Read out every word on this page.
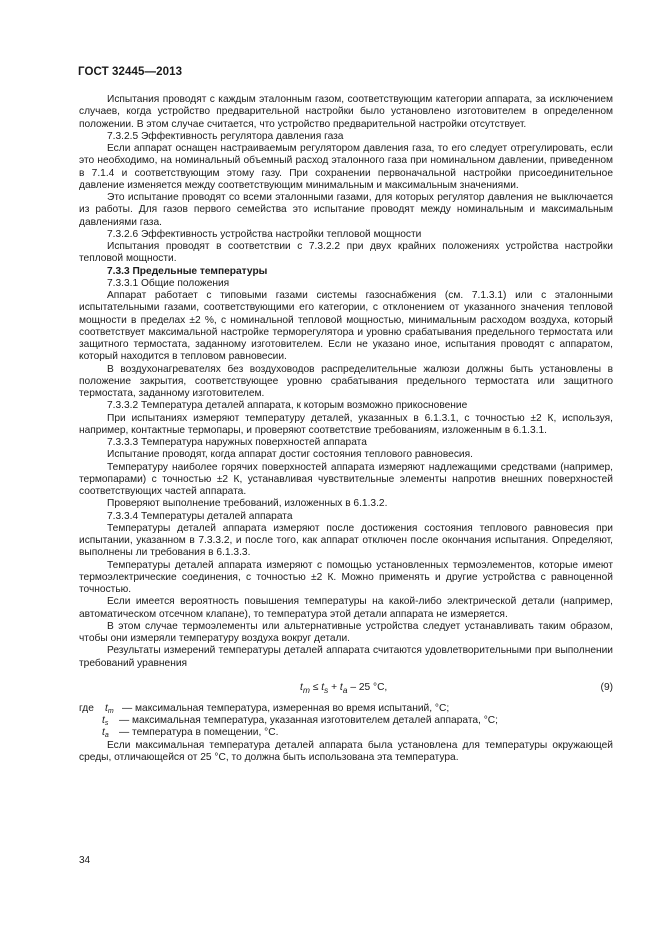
ГОСТ 32445—2013

Испытания проводят с каждым эталонным газом, соответствующим категории аппарата, за исключением случаев, когда устройство предварительной настройки было установлено изготовителем в определенном положении. В этом случае считается, что устройство предварительной настройки отсутствует.

7.3.2.5 Эффективность регулятора давления газа

Если аппарат оснащен настраиваемым регулятором давления газа, то его следует отрегулировать, если это необходимо, на номинальный объемный расход эталонного газа при номинальном давлении, приведенном в 7.1.4 и соответствующим этому газу. При сохранении первоначальной настройки присоединительное давление изменяется между соответствующим минимальным и максимальным значениями.

Это испытание проводят со всеми эталонными газами, для которых регулятор давления не выключается из работы. Для газов первого семейства это испытание проводят между номинальным и максимальным давлениями газа.

7.3.2.6 Эффективность устройства настройки тепловой мощности

Испытания проводят в соответствии с 7.3.2.2 при двух крайних положениях устройства настройки тепловой мощности.

7.3.3 Предельные температуры

7.3.3.1 Общие положения

Аппарат работает с типовыми газами системы газоснабжения (см. 7.1.3.1) или с эталонными испытательными газами, соответствующими его категории, с отклонением от указанного значения тепловой мощности в пределах ±2 %, с номинальной тепловой мощностью, минимальным расходом воздуха, который соответствует максимальной настройке терморегулятора и уровню срабатывания предельного термостата или защитного термостата, заданному изготовителем. Если не указано иное, испытания проводят с аппаратом, который находится в тепловом равновесии.

В воздухонагревателях без воздуховодов распределительные жалюзи должны быть установлены в положение закрытия, соответствующее уровню срабатывания предельного термостата или защитного термостата, заданному изготовителем.

7.3.3.2 Температура деталей аппарата, к которым возможно прикосновение

При испытаниях измеряют температуру деталей, указанных в 6.1.3.1, с точностью ±2 К, используя, например, контактные термопары, и проверяют соответствие требованиям, изложенным в 6.1.3.1.

7.3.3.3 Температура наружных поверхностей аппарата

Испытание проводят, когда аппарат достиг состояния теплового равновесия.

Температуру наиболее горячих поверхностей аппарата измеряют надлежащими средствами (например, термопарами) с точностью ±2 К, устанавливая чувствительные элементы напротив внешних поверхностей соответствующих частей аппарата.

Проверяют выполнение требований, изложенных в 6.1.3.2.

7.3.3.4 Температуры деталей аппарата

Температуры деталей аппарата измеряют после достижения состояния теплового равновесия при испытании, указанном в 7.3.3.2, и после того, как аппарат отключен после окончания испытания. Определяют, выполнены ли требования в 6.1.3.3.

Температуры деталей аппарата измеряют с помощью установленных термоэлементов, которые имеют термоэлектрические соединения, с точностью ±2 К. Можно применять и другие устройства с равноценной точностью.

Если имеется вероятность повышения температуры на какой-либо электрической детали (например, автоматическом отсечном клапане), то температура этой детали аппарата не измеряется.

В этом случае термоэлементы или альтернативные устройства следует устанавливать таким образом, чтобы они измеряли температуру воздуха вокруг детали.

Результаты измерений температуры деталей аппарата считаются удовлетворительными при выполнении требований уравнения

$t_m \le t_s + t_a - 25$ °C,	(9)
где $t_m$ — максимальная температура, измеренная во время испытаний, °C;
$t_s$ — максимальная температура, указанная изготовителем деталей аппарата, °C;
$t_a$ — температура в помещении, °C.

Если максимальная температура деталей аппарата была установлена для температуры окружающей среды, отличающейся от 25 °C, то должна быть использована эта температура.

34
